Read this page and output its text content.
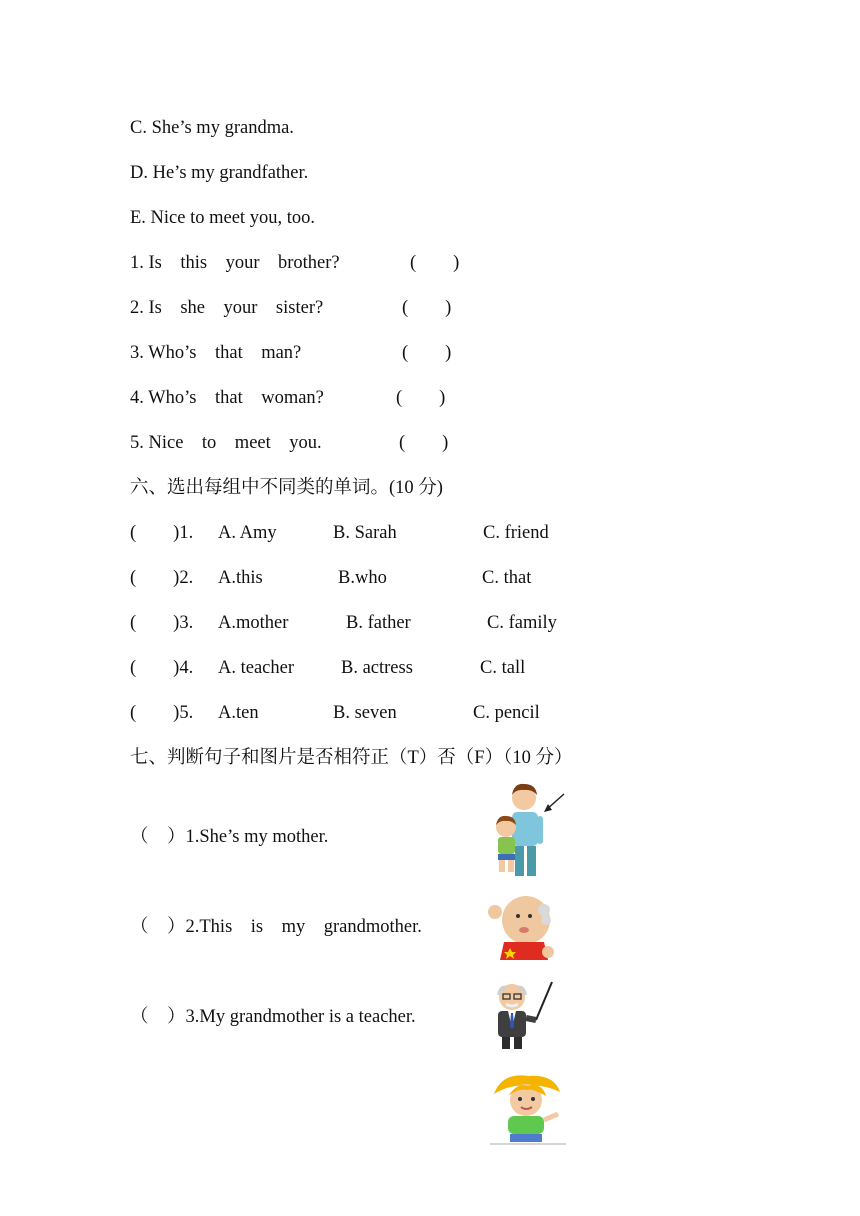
C. She’s my grandma.
D. He’s my grandfather.
E. Nice to meet you, too.
1. Is    this    your    brother?	(        )
2. Is    she    your    sister?	(        )
3. Who’s    that    man?	(        )
4. Who’s    that    woman?	(        )
5. Nice    to    meet    you.	(        )
六、选出每组中不同类的单词。(10 分)
(        )1. A. Amy	B. Sarah	C. friend
(        )2. A.this	B.who	C. that
(        )3. A.mother	B. father	C. family
(        )4. A. teacher	B. actress	C. tall
(        )5. A.ten	B. seven	C. pencil
七、判断句子和图片是否相符正（T）否（F）（10 分）
（    ）1.She’s my mother.
（    ）2.This    is    my    grandmother.
（    ）3.My grandmother is a teacher.
